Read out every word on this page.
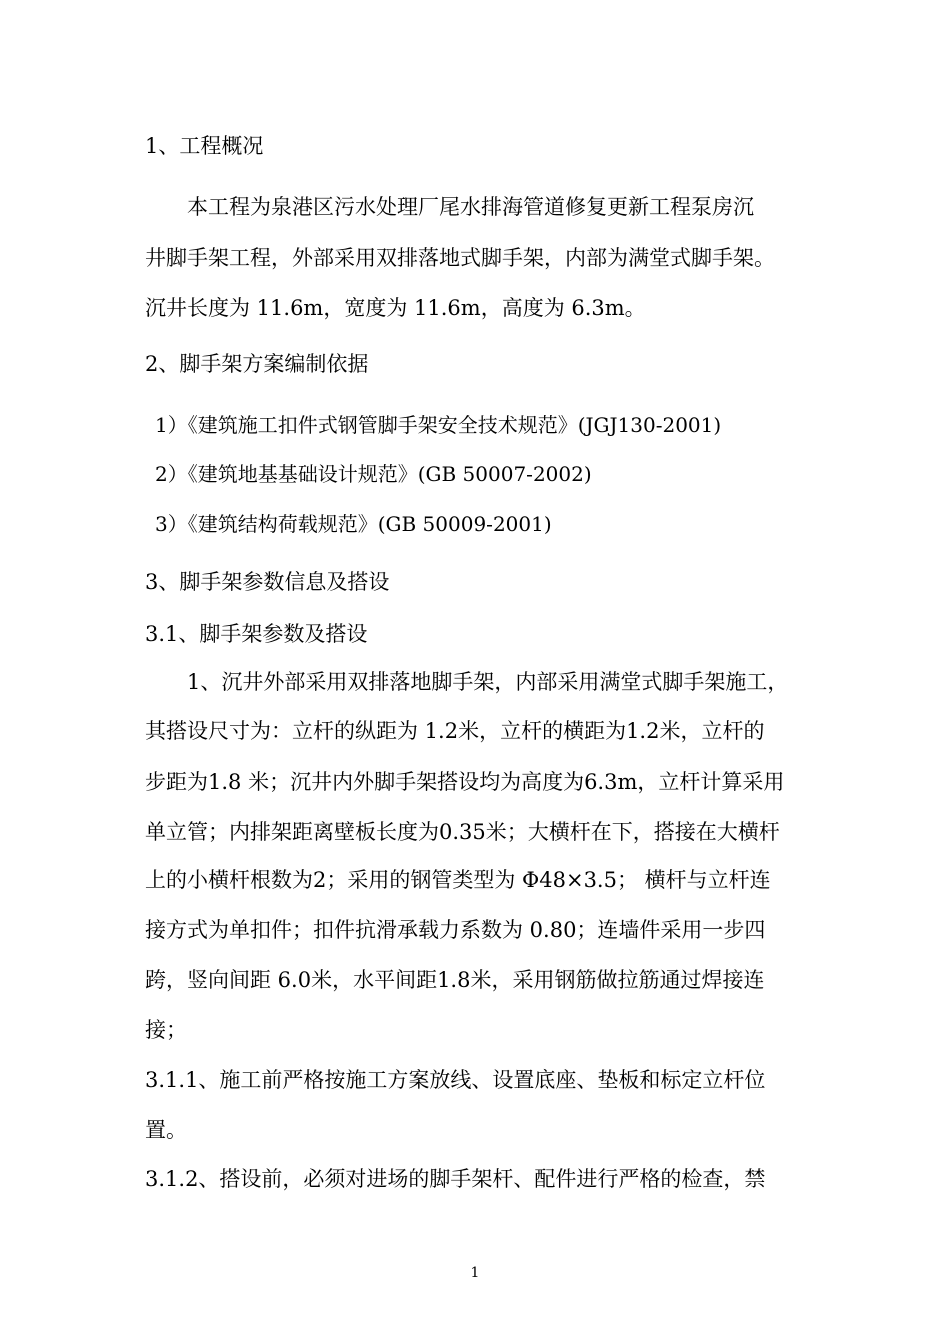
1、工程概况
本工程为泉港区污水处理厂尾水排海管道修复更新工程泵房沉
井脚手架工程，外部采用双排落地式脚手架，内部为满堂式脚手架。
沉井长度为 11.6m，宽度为 11.6m，高度为 6.3m。
2、脚手架方案编制依据
1）《建筑施工扣件式钢管脚手架安全技术规范》(JGJ130-2001)
2）《建筑地基基础设计规范》(GB 50007-2002)
3）《建筑结构荷载规范》(GB 50009-2001)
3、脚手架参数信息及搭设
3.1、脚手架参数及搭设
1、沉井外部采用双排落地脚手架，内部采用满堂式脚手架施工，
其搭设尺寸为：立杆的纵距为 1.2米，立杆的横距为1.2米，立杆的
步距为1.8 米；沉井内外脚手架搭设均为高度为6.3m，立杆计算采用
单立管；内排架距离壁板长度为0.35米；大横杆在下，搭接在大横杆
上的小横杆根数为2；采用的钢管类型为 Φ48×3.5； 横杆与立杆连
接方式为单扣件；扣件抗滑承载力系数为 0.80；连墙件采用一步四
跨，竖向间距 6.0米，水平间距1.8米，采用钢筋做拉筋通过焊接连
接；
3.1.1、施工前严格按施工方案放线、设置底座、垫板和标定立杆位
置。
3.1.2、搭设前，必须对进场的脚手架杆、配件进行严格的检查，禁
1
